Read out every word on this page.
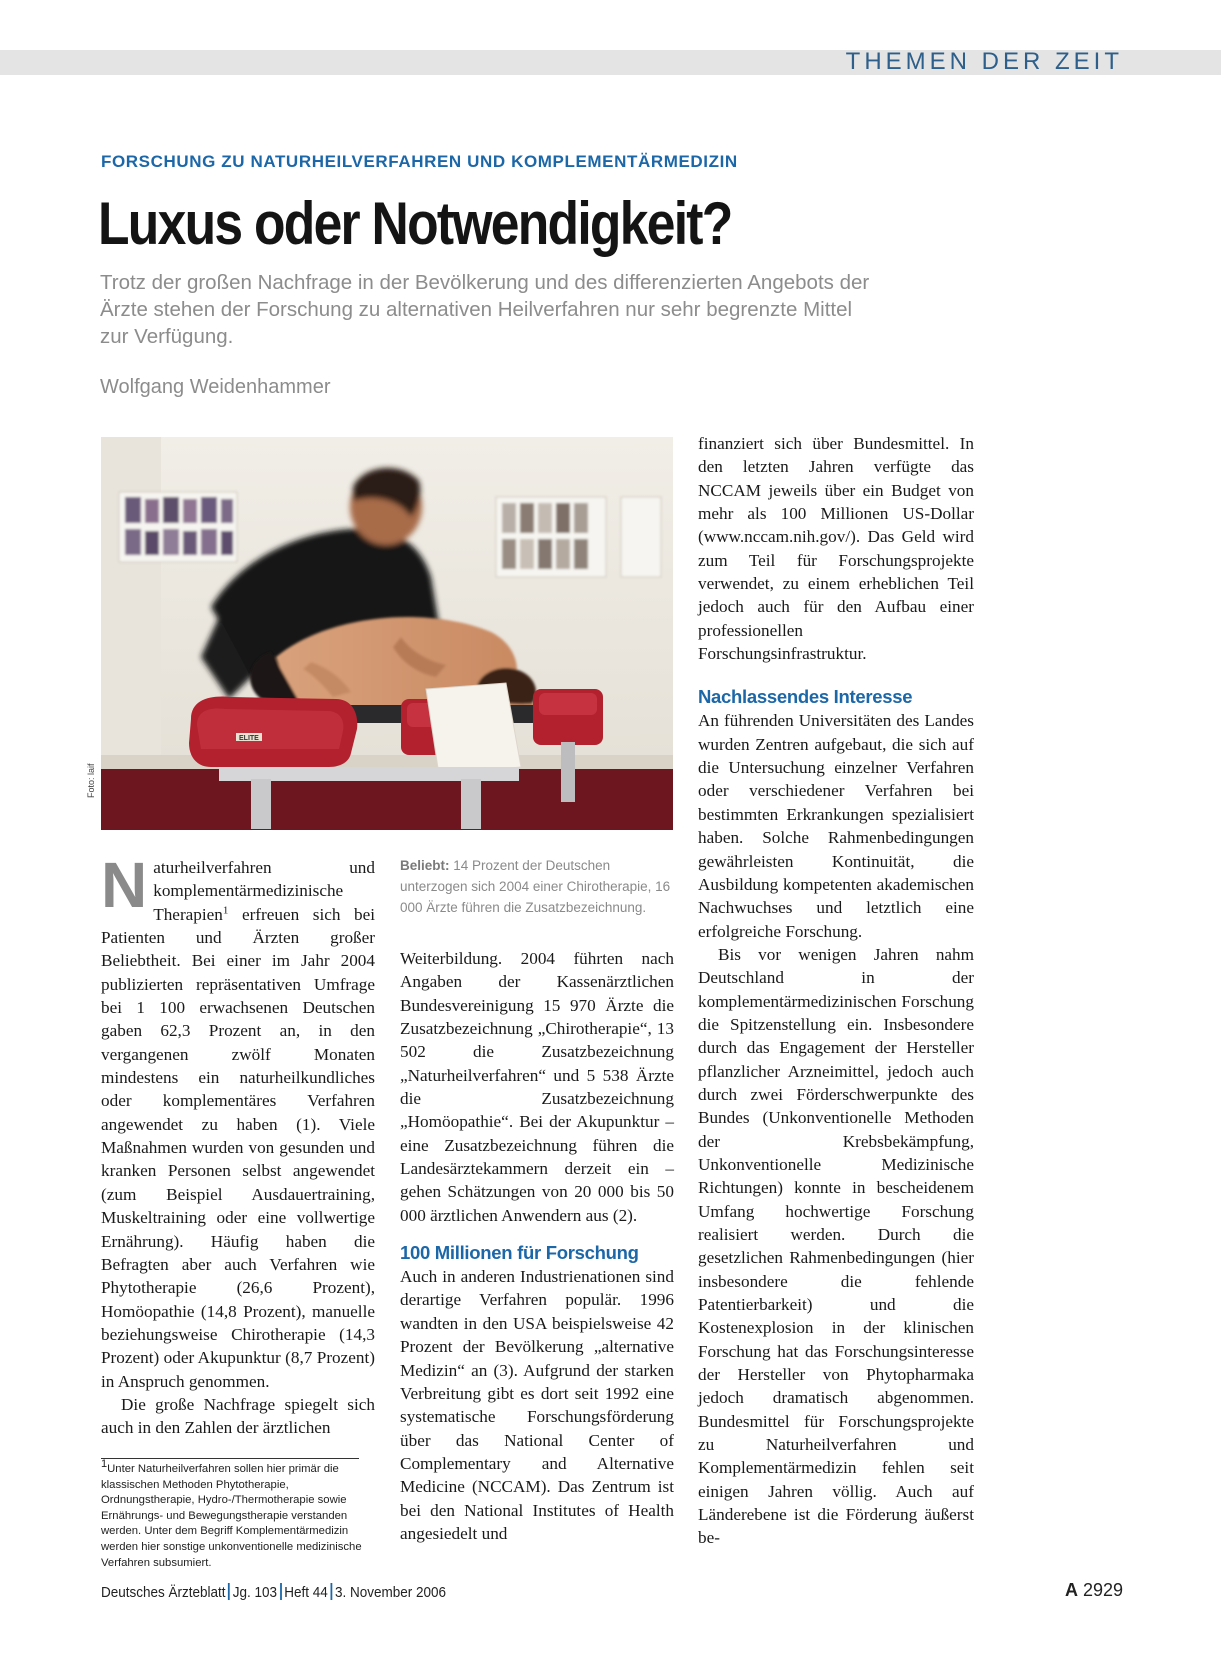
THEMEN DER ZEIT
FORSCHUNG ZU NATURHEILVERFAHREN UND KOMPLEMENTÄRMEDIZIN
Luxus oder Notwendigkeit?
Trotz der großen Nachfrage in der Bevölkerung und des differenzierten Angebots der Ärzte stehen der Forschung zu alternativen Heilverfahren nur sehr begrenzte Mittel zur Verfügung.
Wolfgang Weidenhammer
ELITE
Foto: laif
Beliebt: 14 Prozent der Deutschen unterzogen sich 2004 einer Chirotherapie, 16 000 Ärzte führen die Zusatzbezeichnung.

Naturheilverfahren und komplementärmedizinische Therapien$^1$ erfreuen sich bei Patienten und Ärzten großer Beliebtheit. Bei einer im Jahr 2004 publizierten repräsentativen Umfrage bei 1 100 erwachsenen Deutschen gaben 62,3 Prozent an, in den vergangenen zwölf Monaten mindestens ein naturheilkundliches oder komplementäres Verfahren angewendet zu haben (1). Viele Maßnahmen wurden von gesunden und kranken Personen selbst angewendet (zum Beispiel Ausdauertraining, Muskeltraining oder eine vollwertige Ernährung). Häufig haben die Befragten aber auch Verfahren wie Phytotherapie (26,6 Prozent), Homöopathie (14,8 Prozent), manuelle beziehungsweise Chirotherapie (14,3 Prozent) oder Akupunktur (8,7 Prozent) in Anspruch genommen.

Die große Nachfrage spiegelt sich auch in den Zahlen der ärztlichen

Weiterbildung. 2004 führten nach Angaben der Kassenärztlichen Bundesvereinigung 15 970 Ärzte die Zusatzbezeichnung „Chirotherapie“, 13 502 die Zusatzbezeichnung „Naturheilverfahren“ und 5 538 Ärzte die Zusatzbezeichnung „Homöopathie“. Bei der Akupunktur – eine Zusatzbezeichnung führen die Landesärztekammern derzeit ein – gehen Schätzungen von 20 000 bis 50 000 ärztlichen Anwendern aus (2).

100 Millionen für Forschung

Auch in anderen Industrienationen sind derartige Verfahren populär. 1996 wandten in den USA beispielsweise 42 Prozent der Bevölkerung „alternative Medizin“ an (3). Aufgrund der starken Verbreitung gibt es dort seit 1992 eine systematische Forschungsförderung über das National Center of Complementary and Alternative Medicine (NCCAM). Das Zentrum ist bei den National Institutes of Health angesiedelt und

finanziert sich über Bundesmittel. In den letzten Jahren verfügte das NCCAM jeweils über ein Budget von mehr als 100 Millionen US-Dollar (www.nccam.nih.gov/). Das Geld wird zum Teil für Forschungsprojekte verwendet, zu einem erheblichen Teil jedoch auch für den Aufbau einer professionellen Forschungsinfrastruktur.

Nachlassendes Interesse

An führenden Universitäten des Landes wurden Zentren aufgebaut, die sich auf die Untersuchung einzelner Verfahren oder verschiedener Verfahren bei bestimmten Erkrankungen spezialisiert haben. Solche Rahmenbedingungen gewährleisten Kontinuität, die Ausbildung kompetenten akademischen Nachwuchses und letztlich eine erfolgreiche Forschung.

Bis vor wenigen Jahren nahm Deutschland in der komplementärmedizinischen Forschung die Spitzenstellung ein. Insbesondere durch das Engagement der Hersteller pflanzlicher Arzneimittel, jedoch auch durch zwei Förderschwerpunkte des Bundes (Unkonventionelle Methoden der Krebsbekämpfung, Unkonventionelle Medizinische Richtungen) konnte in bescheidenem Umfang hochwertige Forschung realisiert werden. Durch die gesetzlichen Rahmenbedingungen (hier insbesondere die fehlende Patentierbarkeit) und die Kostenexplosion in der klinischen Forschung hat das Forschungsinteresse der Hersteller von Phytopharmaka jedoch dramatisch abgenommen. Bundesmittel für Forschungsprojekte zu Naturheilverfahren und Komplementärmedizin fehlen seit einigen Jahren völlig. Auch auf Länderebene ist die Förderung äußerst be-

$^1$Unter Naturheilverfahren sollen hier primär die klassischen Methoden Phytotherapie, Ordnungstherapie, Hydro-/Thermotherapie sowie Ernährungs- und Bewegungstherapie verstanden werden. Unter dem Begriff Komplementärmedizin werden hier sonstige unkonventionelle medizinische Verfahren subsumiert.
Deutsches Ärzteblatt Jg. 103 Heft 44 3. November 2006	A 2929
